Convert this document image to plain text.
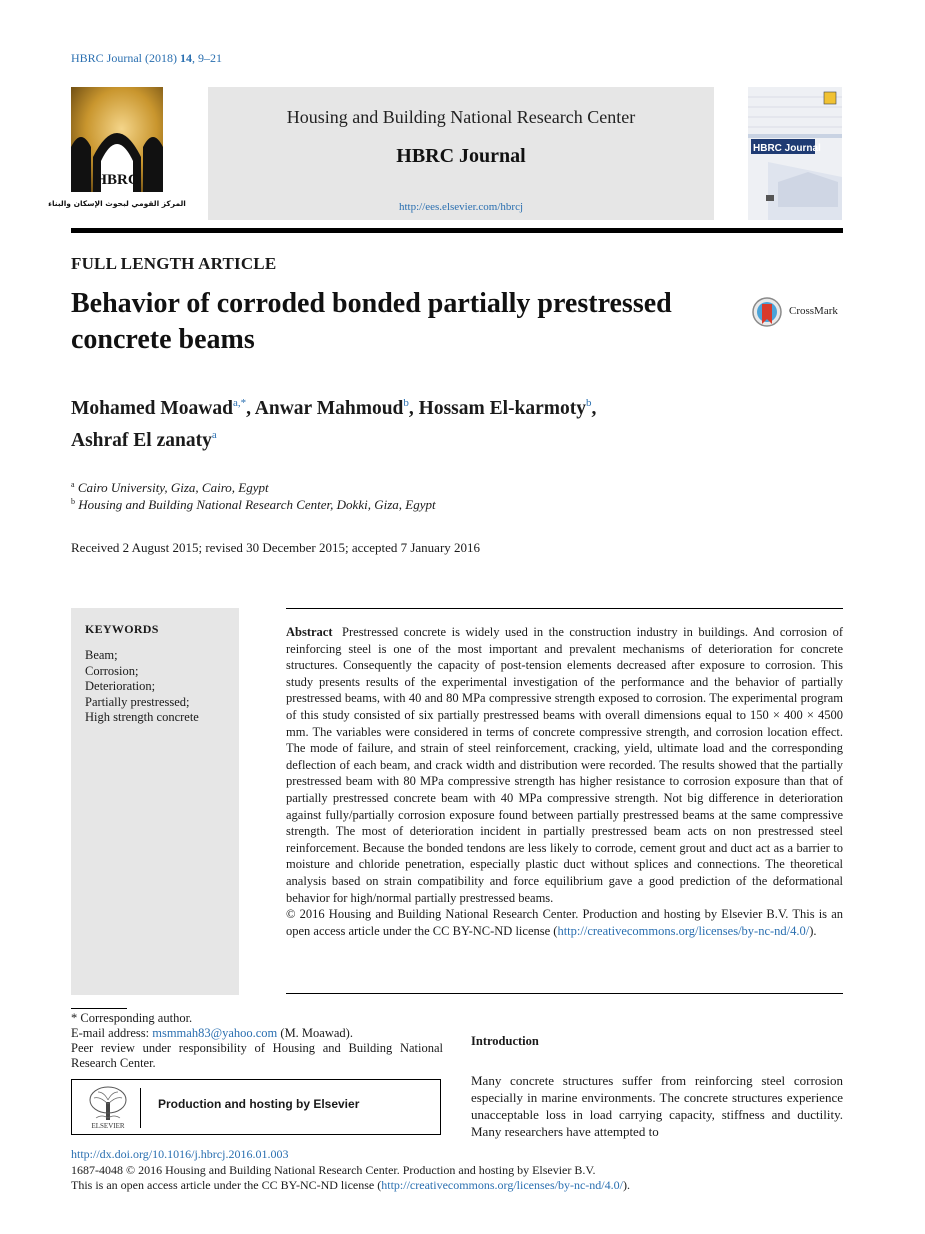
HBRC Journal (2018) 14, 9–21
HBRC
المركز القومي لبحوث الإسكان والبناء
Housing and Building National Research Center
HBRC Journal
http://ees.elsevier.com/hbrcj
HBRC Journal
FULL LENGTH ARTICLE
Behavior of corroded bonded partially prestressed concrete beams
CrossMark
Mohamed Moawad$^{a,*}$, Anwar Mahmoud$^b$, Hossam El-karmoty$^b$,
Ashraf El zanaty$^a$
$^a$ Cairo University, Giza, Cairo, Egypt
$^b$ Housing and Building National Research Center, Dokki, Giza, Egypt
Received 2 August 2015; revised 30 December 2015; accepted 7 January 2016
KEYWORDS
Beam;
Corrosion;
Deterioration;
Partially prestressed;
High strength concrete
Abstract Prestressed concrete is widely used in the construction industry in buildings. And corrosion of reinforcing steel is one of the most important and prevalent mechanisms of deterioration for concrete structures. Consequently the capacity of post-tension elements decreased after exposure to corrosion. This study presents results of the experimental investigation of the performance and the behavior of partially prestressed beams, with 40 and 80 MPa compressive strength exposed to corrosion. The experimental program of this study consisted of six partially prestressed beams with overall dimensions equal to 150 × 400 × 4500 mm. The variables were considered in terms of concrete compressive strength, and corrosion location effect. The mode of failure, and strain of steel reinforcement, cracking, yield, ultimate load and the corresponding deflection of each beam, and crack width and distribution were recorded. The results showed that the partially prestressed beam with 80 MPa compressive strength has higher resistance to corrosion exposure than that of partially prestressed concrete beam with 40 MPa compressive strength. Not big difference in deterioration against fully/partially corrosion exposure found between partially prestressed beams at the same compressive strength. The most of deterioration incident in partially prestressed beam acts on non prestressed steel reinforcement. Because the bonded tendons are less likely to corrode, cement grout and duct act as a barrier to moisture and chloride penetration, especially plastic duct without splices and connections. The theoretical analysis based on strain compatibility and force equilibrium gave a good prediction of the deformational behavior for high/normal partially prestressed beams.
© 2016 Housing and Building National Research Center. Production and hosting by Elsevier B.V. This is an open access article under the CC BY-NC-ND license (http://creativecommons.org/licenses/by-nc-nd/4.0/).
* Corresponding author.
E-mail address: msmmah83@yahoo.com (M. Moawad).
Peer review under responsibility of Housing and Building National Research Center.
ELSEVIER
Production and hosting by Elsevier
Introduction
Many concrete structures suffer from reinforcing steel corrosion especially in marine environments. The concrete structures experience unacceptable loss in load carrying capacity, stiffness and ductility. Many researchers have attempted to
http://dx.doi.org/10.1016/j.hbrcj.2016.01.003
1687-4048 © 2016 Housing and Building National Research Center. Production and hosting by Elsevier B.V.
This is an open access article under the CC BY-NC-ND license (http://creativecommons.org/licenses/by-nc-nd/4.0/).
